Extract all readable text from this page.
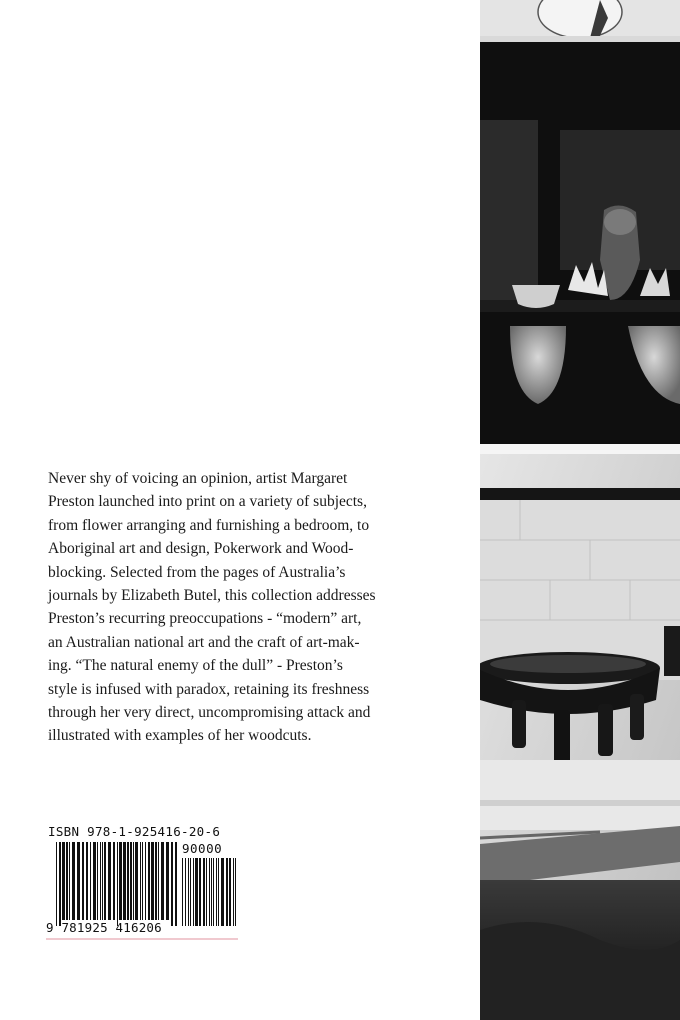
Never shy of voicing an opinion, artist Margaret
Preston launched into print on a variety of subjects,
from flower arranging and furnishing a bedroom, to
Aboriginal art and design, Pokerwork and Wood-
blocking. Selected from the pages of Australia’s
journals by Elizabeth Butel, this collection addresses
Preston’s recurring preoccupations - “modern” art,
an Australian national art and the craft of art-mak-
ing. “The natural enemy of the dull” - Preston’s
style is infused with paradox, retaining its freshness
through her very direct, uncompromising attack and
illustrated with examples of her woodcuts.
ISBN 978-1-925416-20-6
90000
9 781925 416206
